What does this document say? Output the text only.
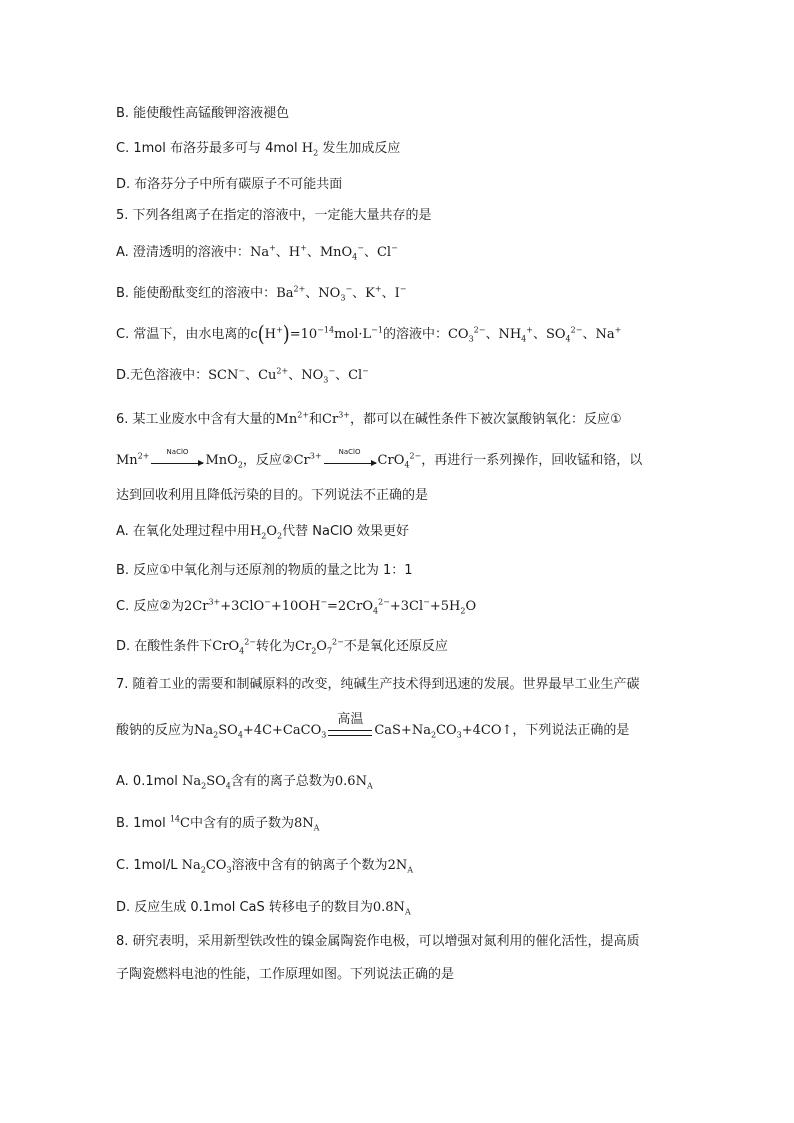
B. 能使酸性高锰酸钾溶液褪色
C. 1mol 布洛芬最多可与 4mol $H_2$ 发生加成反应
D. 布洛芬分子中所有碳原子不可能共面
5. 下列各组离子在指定的溶液中，一定能大量共存的是
A. 澄清透明的溶液中：Na+、H+、MnO$_4$−、Cl−
B. 能使酚酞变红的溶液中：$Ba^{2+}$、$NO_3^-$、K+、I−
C. 常温下，由水电离的$c(H^+)=10^{-14}mol\cdot L^{-1}$的溶液中：$CO_3^{2-}$、$NH_4^+$、$SO_4^{2-}$、Na+
D.无色溶液中：SCN−、$Cu^{2+}$、$NO_3^-$、Cl−
6. 某工业废水中含有大量的$Mn^{2+}$和$Cr^{3+}$，都可以在碱性条件下被次氯酸钠氧化：反应①
$Mn^{2+}$	NaClO
MnO$_2$，反应$②Cr^{3+}$	NaClO
CrO$_4^{2-}$，再进行一系列操作，回收锰和铬，以
达到回收利用且降低污染的目的。下列说法不正确的是
A. 在氧化处理过程中用$H_2O_2$代替 NaClO 效果更好
B. 反应①中氧化剂与还原剂的物质的量之比为 1：1
C. 反应②为$2Cr^{3+}+3ClO^-+10OH^-=2CrO_4^{2-}+3Cl^-+5H_2O$
D. 在酸性条件下CrO$_4^{2-}$转化为$Cr_2O_7^{2-}$不是氧化还原反应
7. 随着工业的需要和制碱原料的改变，纯碱生产技术得到迅速的发展。世界最早工业生产碳
酸钠的反应为$Na_2SO_4+4C+CaCO_3$
高温
$CaS+Na_2CO_3+4CO↑$，下列说法正确的是
A. 0.1mol $Na_2SO_4$含有的离子总数为$0.6N_A$
B. 1mol $^{14}$C中含有的质子数为$8N_A$
C. 1mol/L $Na_2CO_3$溶液中含有的钠离子个数为$2N_A$
D. 反应生成 0.1mol CaS 转移电子的数目为$0.8N_A$
8. 研究表明，采用新型铁改性的镍金属陶瓷作电极，可以增强对氮利用的催化活性，提高质
子陶瓷燃料电池的性能，工作原理如图。下列说法正确的是
